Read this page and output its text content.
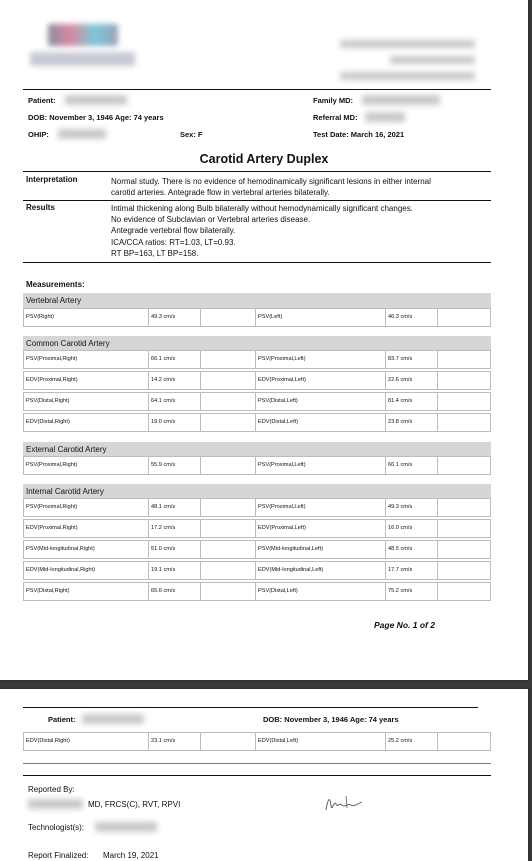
Patient:
DOB: November 3, 1946 Age: 74 years
OHIP:	Sex: F
Family MD:
Referral MD:
Test Date: March 16, 2021
Carotid Artery Duplex
Interpretation	Normal study. There is no evidence of hemodinamically significant lesions in either internal
carotid arteries. Antegrade flow in vertebral arteries bilaterally.
Results	Intimal thickening along Bulb bilaterally without hemodynamically significant changes.
No evidence of Subclavian or Vertebral arteries disease.
Antegrade vertebral flow bilaterally.
ICA/CCA ratios: RT=1.03, LT=0.93.
RT BP=163, LT BP=158.
Measurements:
Vertebral Artery
PSV(Right)	49.3 cm/s	PSV(Left)	46.3 cm/s
Common Carotid Artery
PSV(Proximal,Right)	66.1 cm/s	PSV(Proximal,Left)	83.7 cm/s
EDV(Proximal,Right)	14.2 cm/s	EDV(Proximal,Left)	22.6 cm/s
PSV(Distal,Right)	64.1 cm/s	PSV(Distal,Left)	81.4 cm/s
EDV(Distal,Right)	19.0 cm/s	EDV(Distal,Left)	23.8 cm/s
External Carotid Artery
PSV(Proximal,Right)	55.9 cm/s	PSV(Proximal,Left)	66.1 cm/s
Internal Carotid Artery
PSV(Proximal,Right)	48.1 cm/s	PSV(Proximal,Left)	49.3 cm/s
EDV(Proximal,Right)	17.2 cm/s	EDV(Proximal,Left)	16.0 cm/s
PSV(Mid-longitudinal,Right)	51.0 cm/s	PSV(Mid-longitudinal,Left)	48.5 cm/s
EDV(Mid-longitudinal,Right)	19.1 cm/s	EDV(Mid-longitudinal,Left)	17.7 cm/s
PSV(Distal,Right)	65.6 cm/s	PSV(Distal,Left)	75.2 cm/s
Page No. 1 of 2
Patient:	DOB: November 3, 1946 Age: 74 years
EDV(Distal,Right)	23.1 cm/s	EDV(Distal,Left)	25.2 cm/s
Reported By:
MD, FRCS(C), RVT, RPVI
Technologist(s):
Report Finalized: March 19, 2021
